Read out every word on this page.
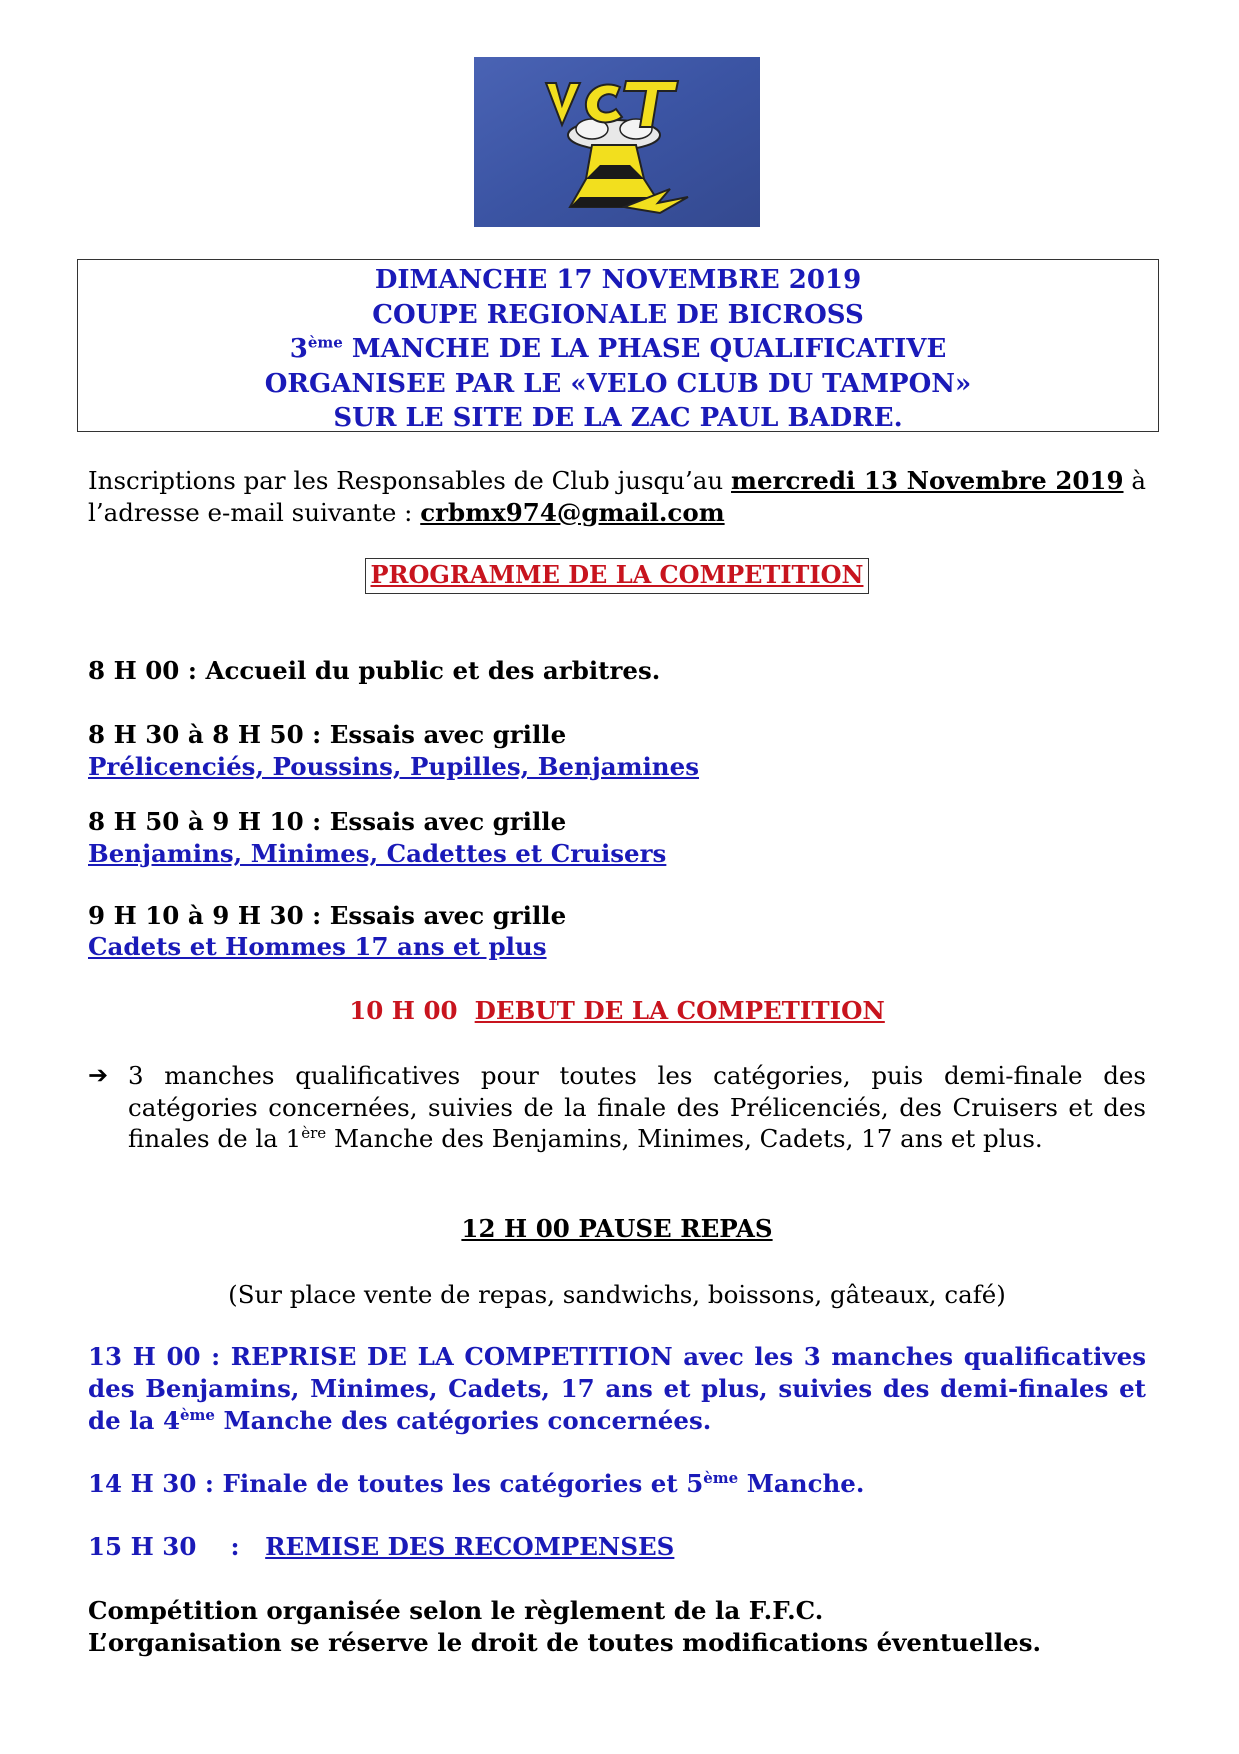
DIMANCHE 17 NOVEMBRE 2019
COUPE REGIONALE DE BICROSS
3ème MANCHE DE LA PHASE QUALIFICATIVE
ORGANISEE PAR LE «VELO CLUB DU TAMPON»
SUR LE SITE DE LA ZAC PAUL BADRE.
Inscriptions par les Responsables de Club jusqu’au mercredi 13 Novembre 2019 à l’adresse e-mail suivante : crbmx974@gmail.com
PROGRAMME DE LA COMPETITION
8 H 00 : Accueil du public et des arbitres.
8 H 30 à 8 H 50 : Essais avec grille
Prélicenciés, Poussins, Pupilles, Benjamines
8 H 50 à 9 H 10 : Essais avec grille
Benjamins, Minimes, Cadettes et Cruisers
9 H 10 à 9 H 30 : Essais avec grille
Cadets et Hommes 17 ans et plus
10 H 00 DEBUT DE LA COMPETITION
➔ 3 manches qualificatives pour toutes les catégories, puis demi-finale des catégories concernées, suivies de la finale des Prélicenciés, des Cruisers et des finales de la 1ère Manche des Benjamins, Minimes, Cadets, 17 ans et plus.
12 H 00 PAUSE REPAS
(Sur place vente de repas, sandwichs, boissons, gâteaux, café)
13 H 00 : REPRISE DE LA COMPETITION avec les 3 manches qualificatives des Benjamins, Minimes, Cadets, 17 ans et plus, suivies des demi-finales et de la 4ème Manche des catégories concernées.
14 H 30 : Finale de toutes les catégories et 5ème Manche.
15 H 30 : REMISE DES RECOMPENSES
Compétition organisée selon le règlement de la F.F.C.
L’organisation se réserve le droit de toutes modifications éventuelles.
